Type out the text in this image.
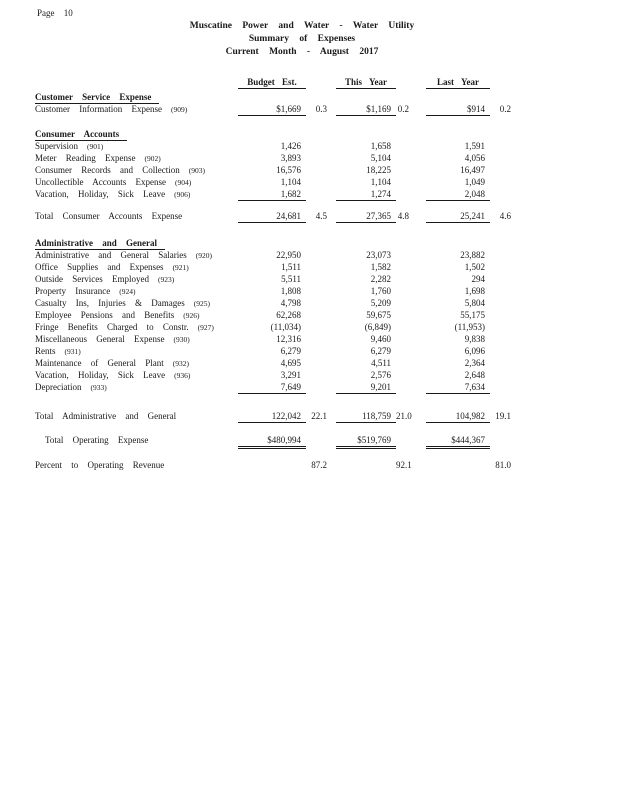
Page 10
Muscatine Power and Water - Water Utility
Summary of Expenses
Current Month - August 2017
Budget Est.	This Year	Last Year
Customer Service Expense
Customer Information Expense (909)	$1,669	0.3	$1,169 0.2	$914	0.2
Consumer Accounts
Supervision (901)	1,426	1,658	1,591
Meter Reading Expense (902)	3,893	5,104	4,056
Consumer Records and Collection (903)	16,576	18,225	16,497
Uncollectible Accounts Expense (904)	1,104	1,104	1,049
Vacation, Holiday, Sick Leave (906)	1,682	1,274	2,048
Total Consumer Accounts Expense	24,681	4.5	27,365 4.8	25,241	4.6
Administrative and General
Administrative and General Salaries (920)	22,950	23,073	23,882
Office Supplies and Expenses (921)	1,511	1,582	1,502
Outside Services Employed (923)	5,511	2,282	294
Property Insurance (924)	1,808	1,760	1,698
Casualty Ins, Injuries & Damages (925)	4,798	5,209	5,804
Employee Pensions and Benefits (926)	62,268	59,675	55,175
Fringe Benefits Charged to Constr. (927)	(11,034)	(6,849)	(11,953)
Miscellaneous General Expense (930)	12,316	9,460	9,838
Rents (931)	6,279	6,279	6,096
Maintenance of General Plant (932)	4,695	4,511	2,364
Vacation, Holiday, Sick Leave (936)	3,291	2,576	2,648
Depreciation (933)	7,649	9,201	7,634
Total Administrative and General	122,042	22.1	118,759 21.0	104,982	19.1
Total Operating Expense	$480,994	$519,769	$444,367
Percent to Operating Revenue	87.2	92.1	81.0
